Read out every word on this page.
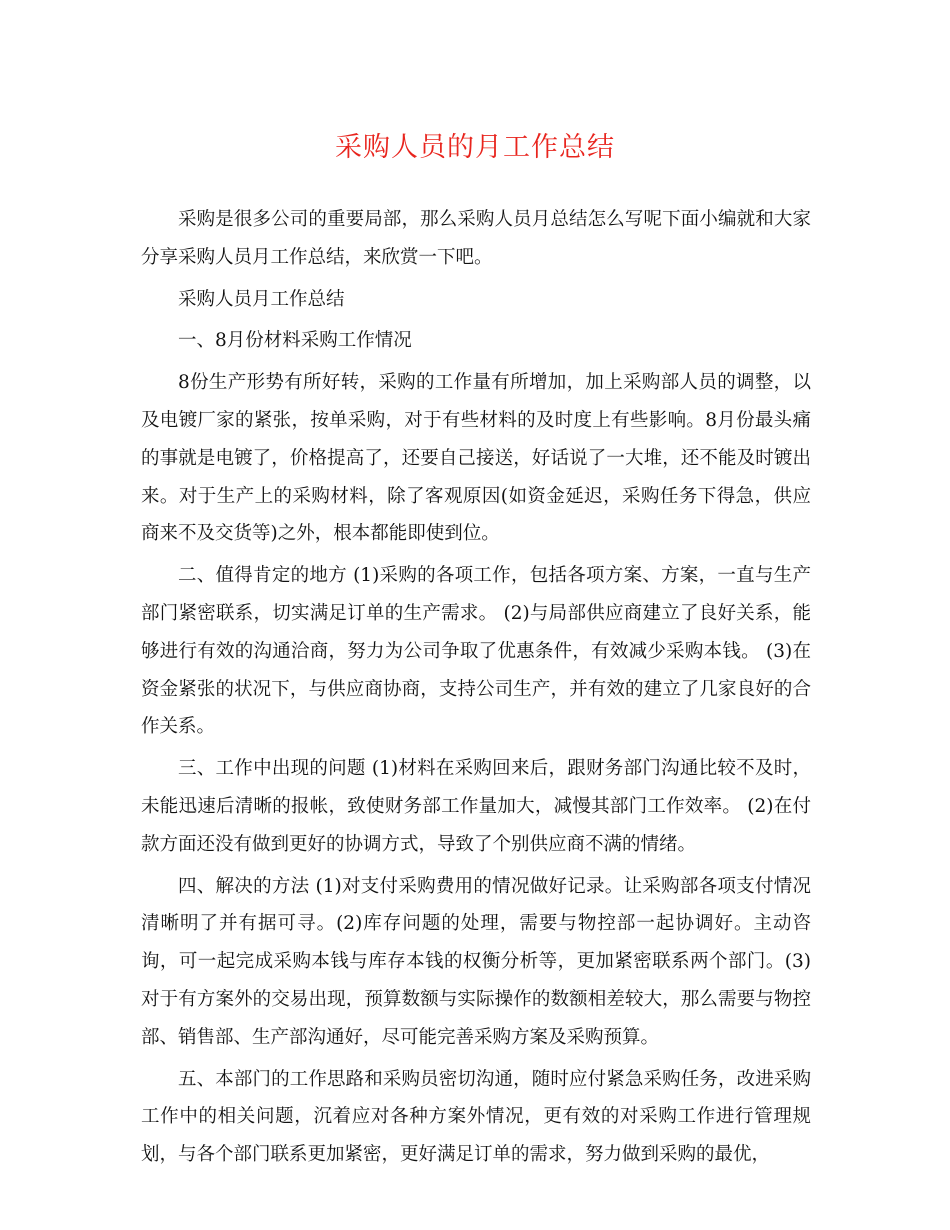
采购人员的月工作总结

采购是很多公司的重要局部，那么采购人员月总结怎么写呢下面小编就和大家分享采购人员月工作总结，来欣赏一下吧。

采购人员月工作总结

一、8月份材料采购工作情况

8份生产形势有所好转，采购的工作量有所增加，加上采购部人员的调整，以及电镀厂家的紧张，按单采购，对于有些材料的及时度上有些影响。8月份最头痛的事就是电镀了，价格提高了，还要自己接送，好话说了一大堆，还不能及时镀出来。对于生产上的采购材料，除了客观原因(如资金延迟，采购任务下得急，供应商来不及交货等)之外，根本都能即使到位。

二、值得肯定的地方 (1)采购的各项工作，包括各项方案、方案，一直与生产部门紧密联系，切实满足订单的生产需求。 (2)与局部供应商建立了良好关系，能够进行有效的沟通洽商，努力为公司争取了优惠条件，有效减少采购本钱。 (3)在资金紧张的状况下，与供应商协商，支持公司生产，并有效的建立了几家良好的合作关系。

三、工作中出现的问题 (1)材料在采购回来后，跟财务部门沟通比较不及时，未能迅速后清晰的报帐，致使财务部工作量加大，减慢其部门工作效率。 (2)在付款方面还没有做到更好的协调方式，导致了个别供应商不满的情绪。

四、解决的方法 (1)对支付采购费用的情况做好记录。让采购部各项支付情况清晰明了并有据可寻。(2)库存问题的处理，需要与物控部一起协调好。主动咨询，可一起完成采购本钱与库存本钱的权衡分析等，更加紧密联系两个部门。(3)对于有方案外的交易出现，预算数额与实际操作的数额相差较大，那么需要与物控部、销售部、生产部沟通好，尽可能完善采购方案及采购预算。

五、本部门的工作思路和采购员密切沟通，随时应付紧急采购任务，改进采购工作中的相关问题，沉着应对各种方案外情况，更有效的对采购工作进行管理规划，与各个部门联系更加紧密，更好满足订单的需求，努力做到采购的最优，
